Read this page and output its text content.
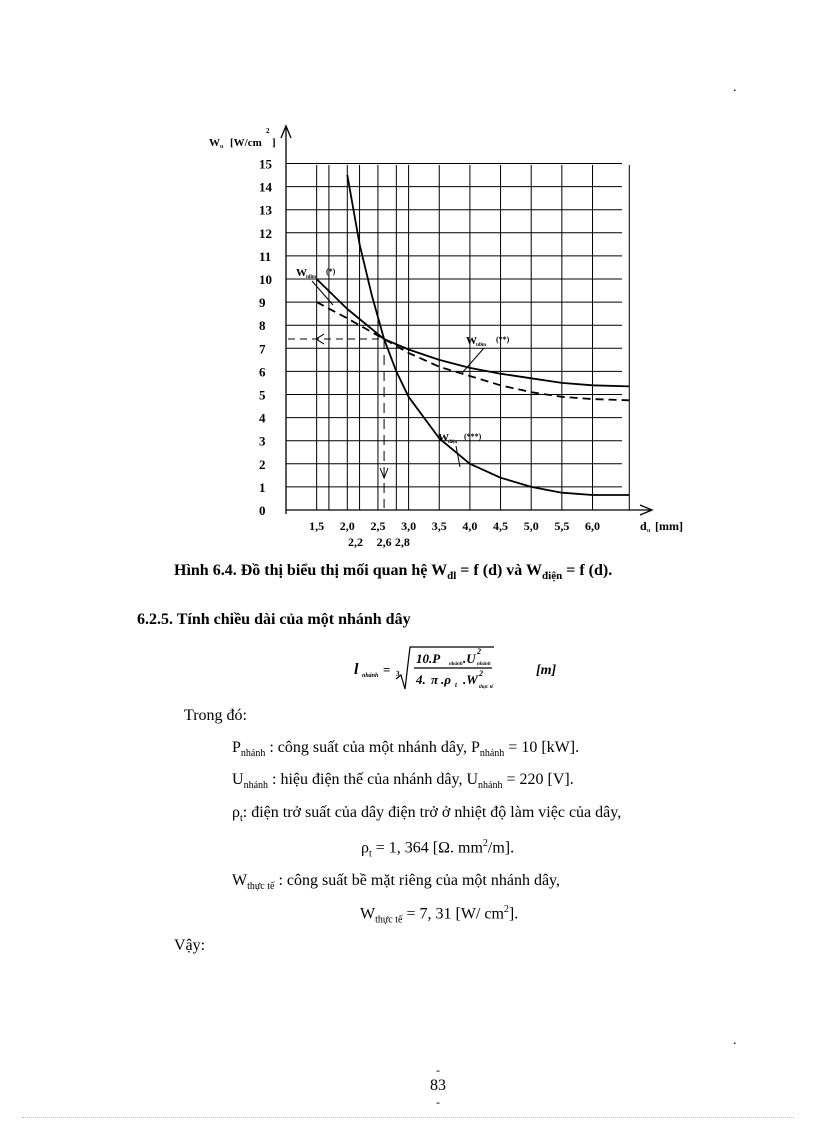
0
1
2
3
4
5
6
7
8
9
10
11
12
13
14
15
W tt [W/cm
2
]
1,5 2,0 2,5 3,0 3,5 4,0 4,5 5,0 5,5 6,0
2,2 2,6 2,8
d tt [mm]
W tđlm
(*)
W tđlm
(**)
W điện
(***)
Hình 6.4. Đồ thị biểu thị mối quan hệ $W_{đl} = f$ (d) và $W_{điện} = f$ (d).
6.2.5. Tính chiều dài của một nhánh dây
l nhánh = 3
10.P nhánh .U nhánh
2
4. π .ρ t .W
thực tế
2	[m]
Trong đó:
$P_{nhánh}$ : công suất của một nhánh dây, $P_{nhánh} = 10$ [kW].
$U_{nhánh}$ : hiệu điện thế của nhánh dây, $U_{nhánh} = 220$ [V].
$\rho_t$: điện trở suất của dây điện trở ở nhiệt độ làm việc của dây,
$\rho_t = 1$, 364 [Ω. $mm^2/m$].
$W_{thực tế}$ : công suất bề mặt riêng của một nhánh dây,
$W_{thực tế} = 7$, 31 [W/ $cm^2$].
Vậy:
.
.
-
83
-
